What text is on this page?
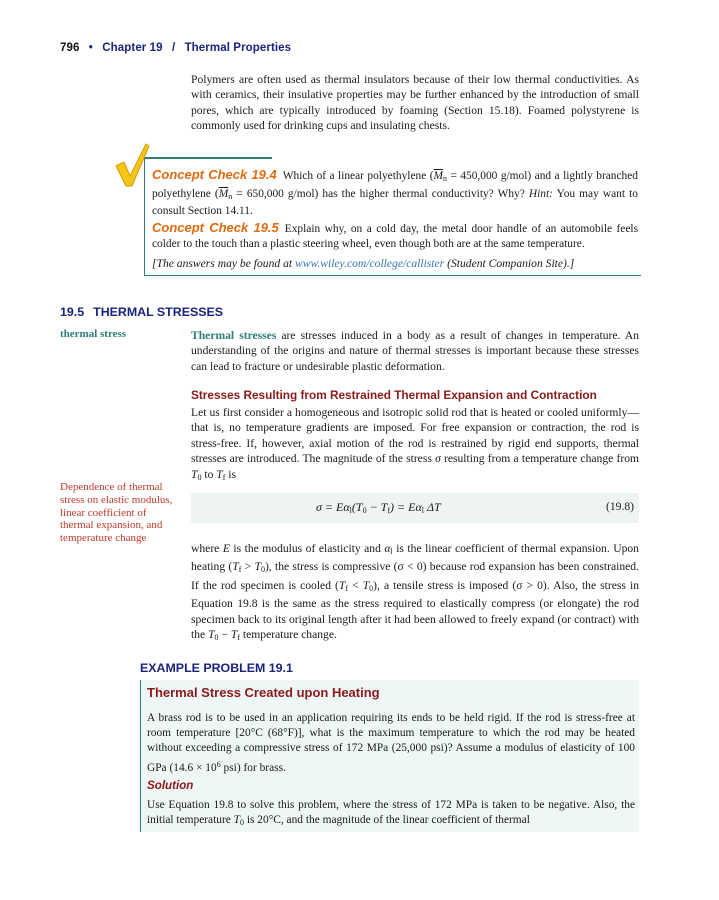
796 • Chapter 19 / Thermal Properties
Polymers are often used as thermal insulators because of their low thermal conductivities. As with ceramics, their insulative properties may be further enhanced by the introduction of small pores, which are typically introduced by foaming (Section 15.18). Foamed polystyrene is commonly used for drinking cups and insulating chests.
Concept Check 19.4 Which of a linear polyethylene ($\overline{M}_n = 450,000$ g/mol) and a lightly branched polyethylene ($\overline{M}_n = 650,000$ g/mol) has the higher thermal conductivity? Why? Hint: You may want to consult Section 14.11.
Concept Check 19.5 Explain why, on a cold day, the metal door handle of an automobile feels colder to the touch than a plastic steering wheel, even though both are at the same temperature.
[The answers may be found at www.wiley.com/college/callister (Student Companion Site).]
19.5 THERMAL STRESSES
thermal stress	Thermal stresses are stresses induced in a body as a result of changes in temperature. An understanding of the origins and nature of thermal stresses is important because these stresses can lead to fracture or undesirable plastic deformation.
Stresses Resulting from Restrained Thermal Expansion and Contraction
Let us first consider a homogeneous and isotropic solid rod that is heated or cooled uniformly—that is, no temperature gradients are imposed. For free expansion or contraction, the rod is stress-free. If, however, axial motion of the rod is restrained by rigid end supports, thermal stresses are introduced. The magnitude of the stress σ resulting from a temperature change from $T_0$ to $T_f$ is
Dependence of thermal stress on elastic modulus, linear coefficient of thermal expansion, and temperature change
$\sigma = E\alpha_l(T_0 - T_f) = E\alpha_l$ ΔT	(19.8)
where E is the modulus of elasticity and $\alpha_l$ is the linear coefficient of thermal expansion. Upon heating $(T_f > T_0)$, the stress is compressive (σ < 0) because rod expansion has been constrained. If the rod specimen is cooled $(T_f < T_0)$, a tensile stress is imposed (σ > 0). Also, the stress in Equation 19.8 is the same as the stress required to elastically compress (or elongate) the rod specimen back to its original length after it had been allowed to freely expand (or contract) with the $T_0 - T_f$ temperature change.
EXAMPLE PROBLEM 19.1
Thermal Stress Created upon Heating
A brass rod is to be used in an application requiring its ends to be held rigid. If the rod is stress-free at room temperature [20°C (68°F)], what is the maximum temperature to which the rod may be heated without exceeding a compressive stress of 172 MPa (25,000 psi)? Assume a modulus of elasticity of 100 GPa ($14.6 \times 10^6$ psi) for brass.
Solution
Use Equation 19.8 to solve this problem, where the stress of 172 MPa is taken to be negative. Also, the initial temperature $T_0$ is 20°C, and the magnitude of the linear coefficient of thermal
